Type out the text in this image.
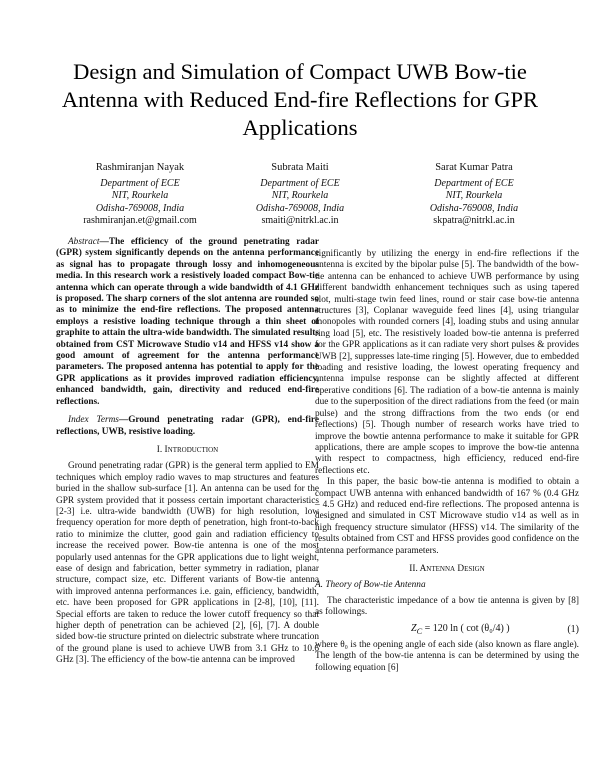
Design and Simulation of Compact UWB Bow-tie Antenna with Reduced End-fire Reflections for GPR Applications
Rashmiranjan Nayak
Department of ECE
NIT, Rourkela
Odisha-769008, India
rashmiranjan.et@gmail.com
Subrata Maiti
Department of ECE
NIT, Rourkela
Odisha-769008, India
smaiti@nitrkl.ac.in
Sarat Kumar Patra
Department of ECE
NIT, Rourkela
Odisha-769008, India
skpatra@nitrkl.ac.in

Abstract—The efficiency of the ground penetrating radar (GPR) system significantly depends on the antenna performance as signal has to propagate through lossy and inhomogeneous media. In this research work a resistively loaded compact Bow-tie antenna which can operate through a wide bandwidth of 4.1 GHz is proposed. The sharp corners of the slot antenna are rounded so as to minimize the end-fire reflections. The proposed antenna employs a resistive loading technique through a thin sheet of graphite to attain the ultra-wide bandwidth. The simulated results obtained from CST Microwave Studio v14 and HFSS v14 show a good amount of agreement for the antenna performance parameters. The proposed antenna has potential to apply for the GPR applications as it provides improved radiation efficiency, enhanced bandwidth, gain, directivity and reduced end-fire reflections.

Index Terms—Ground penetrating radar (GPR), end-fire reflections, UWB, resistive loading.

I. Introduction

Ground penetrating radar (GPR) is the general term applied to EM techniques which employ radio waves to map structures and features buried in the shallow sub-surface [1]. An antenna can be used for the GPR system provided that it possess certain important characteristics [2-3] i.e. ultra-wide bandwidth (UWB) for high resolution, low frequency operation for more depth of penetration, high front-to-back ratio to minimize the clutter, good gain and radiation efficiency to increase the received power. Bow-tie antenna is one of the most popularly used antennas for the GPR applications due to light weight, ease of design and fabrication, better symmetry in radiation, planar structure, compact size, etc. Different variants of Bow-tie antenna with improved antenna performances i.e. gain, efficiency, bandwidth, etc. have been proposed for GPR applications in [2-8], [10], [11]. Special efforts are taken to reduce the lower cutoff frequency so that higher depth of penetration can be achieved [2], [6], [7]. A double sided bow-tie structure printed on dielectric substrate where truncation of the ground plane is used to achieve UWB from 3.1 GHz to 10.6 GHz [3]. The efficiency of the bow-tie antenna can be improved

significantly by utilizing the energy in end-fire reflections if the antenna is excited by the bipolar pulse [5]. The bandwidth of the bow-tie antenna can be enhanced to achieve UWB performance by using different bandwidth enhancement techniques such as using tapered slot, multi-stage twin feed lines, round or stair case bow-tie antenna structures [3], Coplanar waveguide feed lines [4], using triangular monopoles with rounded corners [4], loading stubs and using annular ring load [5], etc. The resistively loaded bow-tie antenna is preferred for the GPR applications as it can radiate very short pulses & provides UWB [2], suppresses late-time ringing [5]. However, due to embedded loading and resistive loading, the lowest operating frequency and antenna impulse response can be slightly affected at different operative conditions [6]. The radiation of a bow-tie antenna is mainly due to the superposition of the direct radiations from the feed (or main pulse) and the strong diffractions from the two ends (or end reflections) [5]. Though number of research works have tried to improve the bowtie antenna performance to make it suitable for GPR applications, there are ample scopes to improve the bow-tie antenna with respect to compactness, high efficiency, reduced end-fire reflections etc.

In this paper, the basic bow-tie antenna is modified to obtain a compact UWB antenna with enhanced bandwidth of 167 % (0.4 GHz – 4.5 GHz) and reduced end-fire reflections. The proposed antenna is designed and simulated in CST Microwave studio v14 as well as in high frequency structure simulator (HFSS) v14. The similarity of the results obtained from CST and HFSS provides good confidence on the antenna performance parameters.

II. Antenna Design
A. Theory of Bow-tie Antenna

The characteristic impedance of a bow tie antenna is given by [8] as followings.

$Z_C = 120$ ln ( cot (θ₀/4) )	(1)

where θ₀ is the opening angle of each side (also known as flare angle). The length of the bow-tie antenna is can be determined by using the following equation [6]
